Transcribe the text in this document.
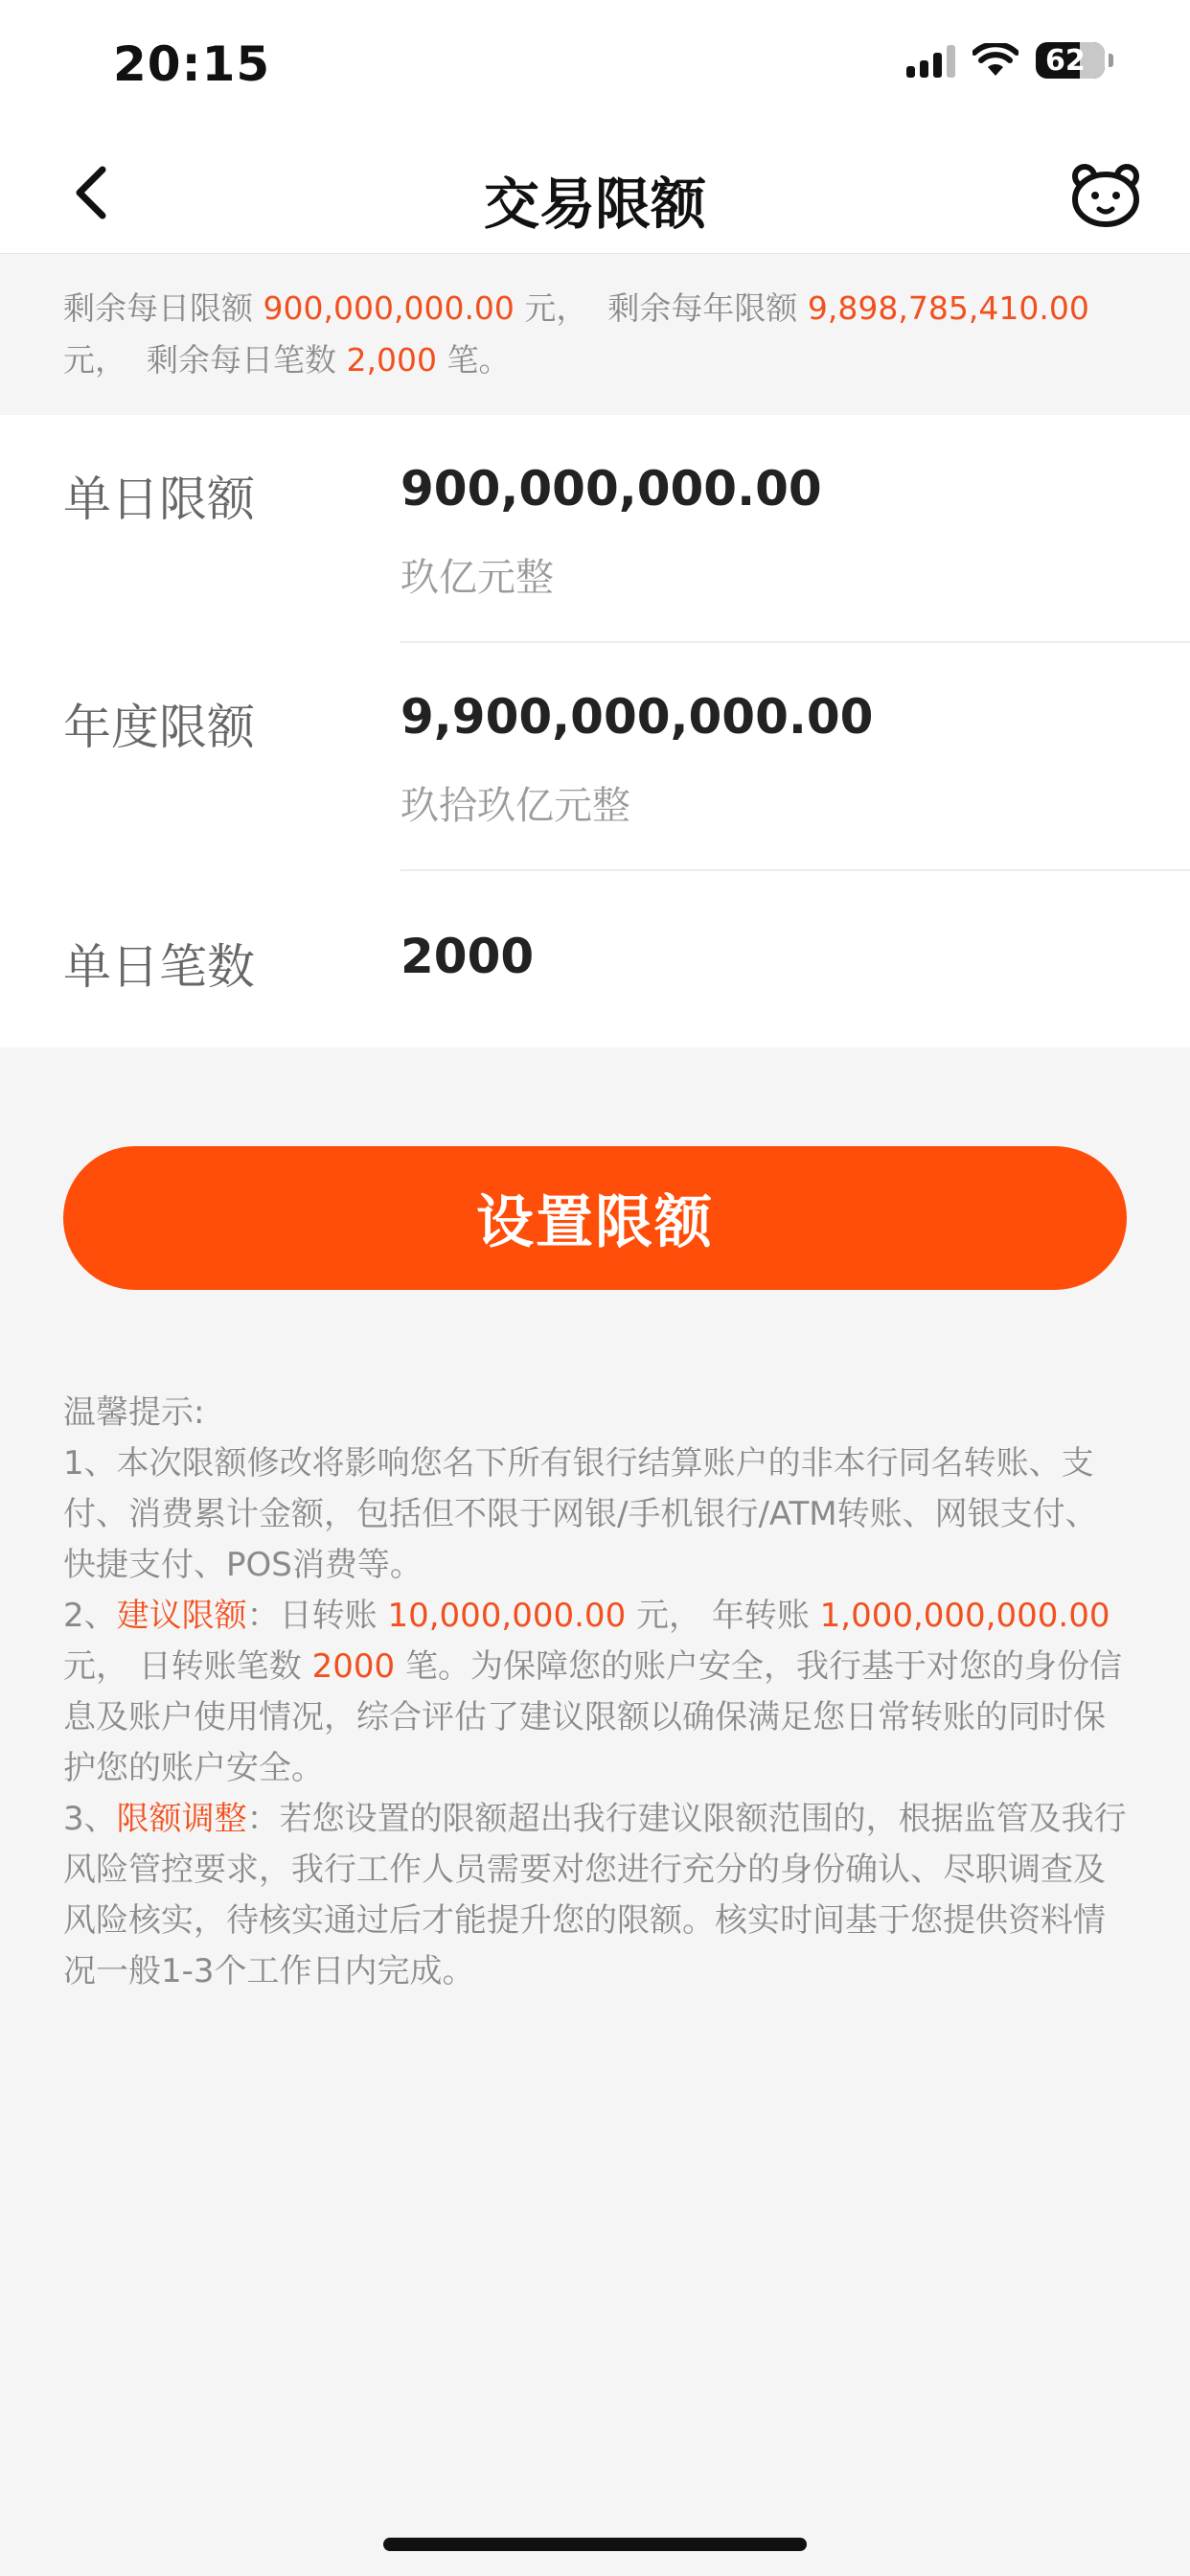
20:15	62
交易限额
剩余每日限额 900,000,000.00 元， 剩余每年限额 9,898,785,410.00 元， 剩余每日笔数 2,000 笔。
单日限额	900,000,000.00
玖亿元整
年度限额	9,900,000,000.00
玖拾玖亿元整
单日笔数	2000
设置限额

温馨提示:

1、本次限额修改将影响您名下所有银行结算账户的非本行同名转账、支付、消费累计金额，包括但不限于网银/手机银行/ATM转账、网银支付、快捷支付、POS消费等。

2、建议限额：日转账 10,000,000.00 元， 年转账 1,000,000,000.00 元， 日转账笔数 2000 笔。为保障您的账户安全，我行基于对您的身份信息及账户使用情况，综合评估了建议限额以确保满足您日常转账的同时保护您的账户安全。

3、限额调整：若您设置的限额超出我行建议限额范围的，根据监管及我行风险管控要求，我行工作人员需要对您进行充分的身份确认、尽职调查及风险核实，待核实通过后才能提升您的限额。核实时间基于您提供资料情况一般1-3个工作日内完成。
